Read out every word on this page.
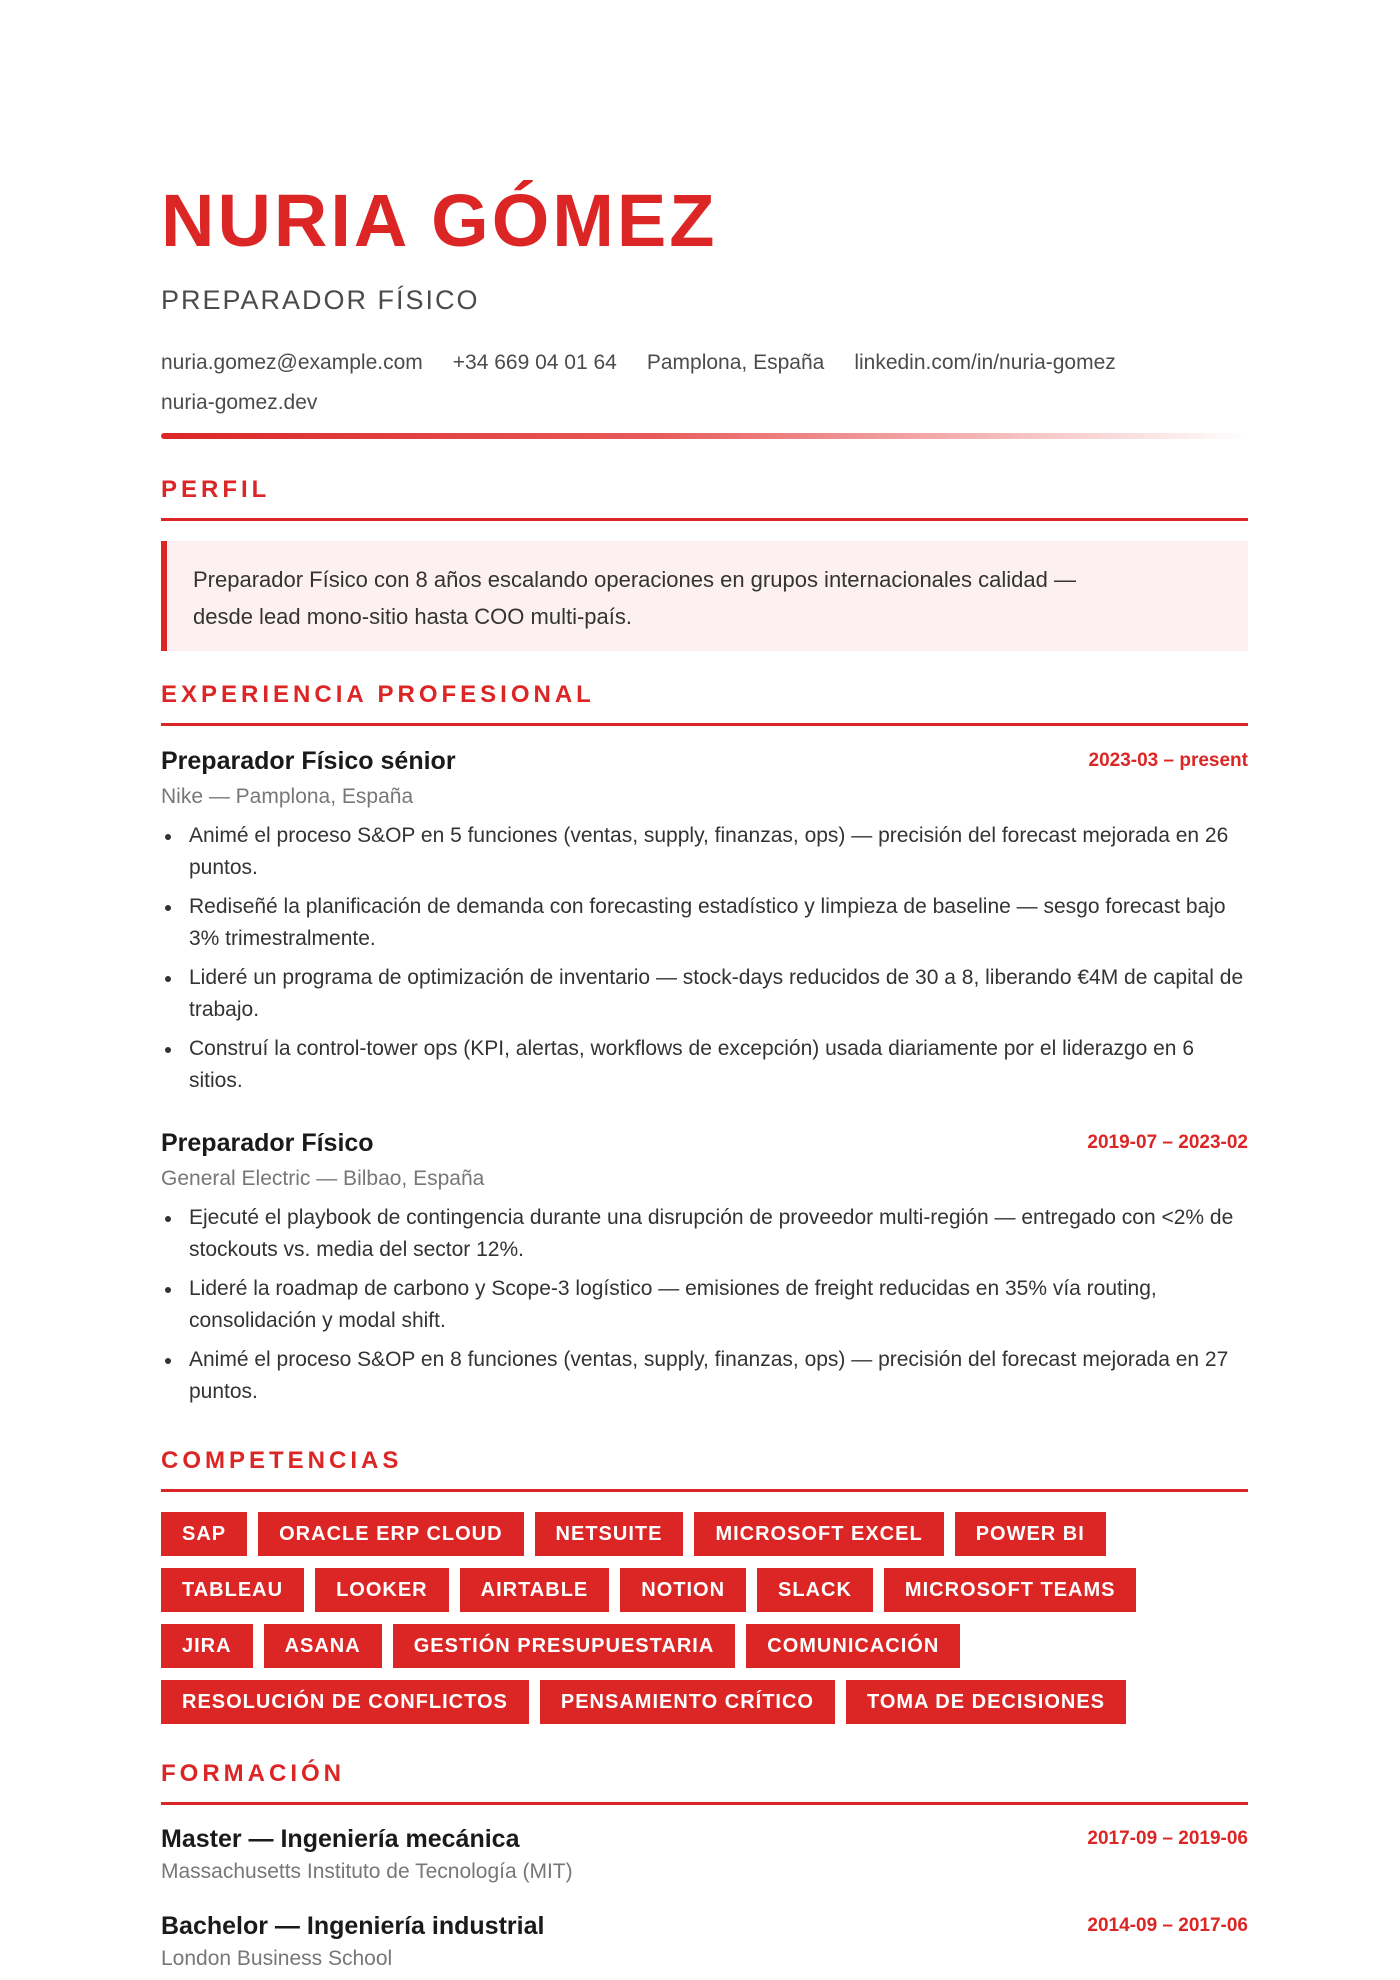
NURIA GÓMEZ
PREPARADOR FÍSICO
nuria.gomez@example.com +34 669 04 01 64 Pamplona, España linkedin.com/in/nuria-gomez
nuria-gomez.dev
PERFIL
Preparador Físico con 8 años escalando operaciones en grupos internacionales calidad —
desde lead mono-sitio hasta COO multi-país.
EXPERIENCIA PROFESIONAL
Preparador Físico sénior	2023-03 – present
Nike — Pamplona, España
Animé el proceso S&OP en 5 funciones (ventas, supply, finanzas, ops) — precisión del forecast mejorada en 26 puntos.
Rediseñé la planificación de demanda con forecasting estadístico y limpieza de baseline — sesgo forecast bajo 3% trimestralmente.
Lideré un programa de optimización de inventario — stock-days reducidos de 30 a 8, liberando €4M de capital de trabajo.
Construí la control-tower ops (KPI, alertas, workflows de excepción) usada diariamente por el liderazgo en 6 sitios.
Preparador Físico	2019-07 – 2023-02
General Electric — Bilbao, España
Ejecuté el playbook de contingencia durante una disrupción de proveedor multi-región — entregado con <2% de stockouts vs. media del sector 12%.
Lideré la roadmap de carbono y Scope-3 logístico — emisiones de freight reducidas en 35% vía routing, consolidación y modal shift.
Animé el proceso S&OP en 8 funciones (ventas, supply, finanzas, ops) — precisión del forecast mejorada en 27 puntos.
COMPETENCIAS
SAP	ORACLE ERP CLOUD	NETSUITE	MICROSOFT EXCEL	POWER BI
TABLEAU	LOOKER	AIRTABLE	NOTION	SLACK	MICROSOFT TEAMS
JIRA	ASANA	GESTIÓN PRESUPUESTARIA	COMUNICACIÓN
RESOLUCIÓN DE CONFLICTOS	PENSAMIENTO CRÍTICO	TOMA DE DECISIONES
FORMACIÓN
Master — Ingeniería mecánica	2017-09 – 2019-06
Massachusetts Instituto de Tecnología (MIT)
Bachelor — Ingeniería industrial	2014-09 – 2017-06
London Business School
